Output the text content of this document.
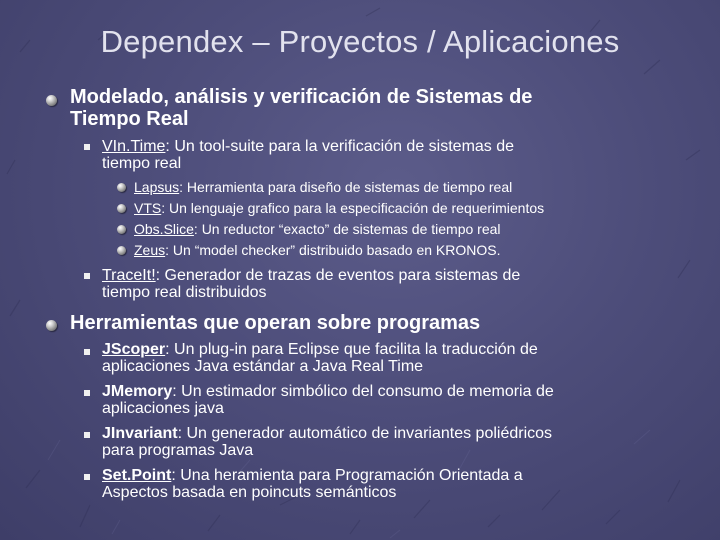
Dependex – Proyectos / Aplicaciones
Modelado, análisis y verificación de Sistemas de
Tiempo Real
VIn.Time: Un tool-suite para la verificación de sistemas de
tiempo real
Lapsus: Herramienta para diseño de sistemas de tiempo real
VTS: Un lenguaje grafico para la especificación de requerimientos
Obs.Slice: Un reductor “exacto” de sistemas de tiempo real
Zeus: Un “model checker” distribuido basado en KRONOS.
TraceIt!: Generador de trazas de eventos para sistemas de
tiempo real distribuidos
Herramientas que operan sobre programas
JScoper: Un plug-in para Eclipse que facilita la traducción de
aplicaciones Java estándar a Java Real Time
JMemory: Un estimador simbólico del consumo de memoria de
aplicaciones java
JInvariant: Un generador automático de invariantes poliédricos
para programas Java
Set.Point: Una heramienta para Programación Orientada a
Aspectos basada en poincuts semánticos
